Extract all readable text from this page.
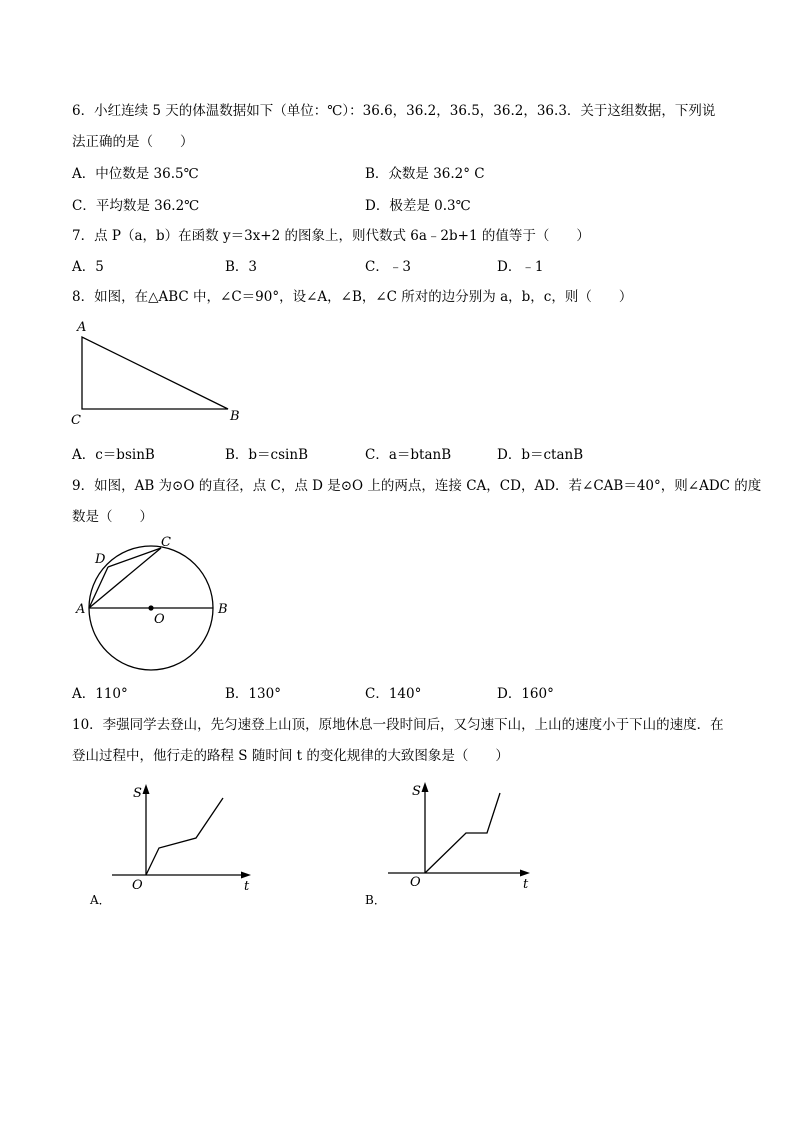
6．小红连续 5 天的体温数据如下（单位：℃）：36.6，36.2，36.5，36.2，36.3．关于这组数据，下列说
法正确的是（　　）
A．中位数是 36.5℃	B．众数是 36.2° C
C．平均数是 36.2℃	D．极差是 0.3℃
7．点 P（a，b）在函数 y＝3x+2 的图象上，则代数式 6a﹣2b+1 的值等于（　　）
A．5	B．3	C．﹣3	D．﹣1
8．如图，在△ABC 中，∠C＝90°，设∠A，∠B，∠C 所对的边分别为 a，b，c，则（　　）
A
C	B
A．c＝bsinB	B．b＝csinB	C．a＝btanB	D．b＝ctanB
9．如图，AB 为⊙O 的直径，点 C，点 D 是⊙O 上的两点，连接 CA，CD，AD．若∠CAB＝40°，则∠ADC 的度
数是（　　）
A	B
C
D
O
A．110°	B．130°	C．140°	D．160°
10．李强同学去登山，先匀速登上山顶，原地休息一段时间后，又匀速下山，上山的速度小于下山的速度．在
登山过程中，他行走的路程 S 随时间 t 的变化规律的大致图象是（　　）
S
t
O
A．
S
t
O
B．
